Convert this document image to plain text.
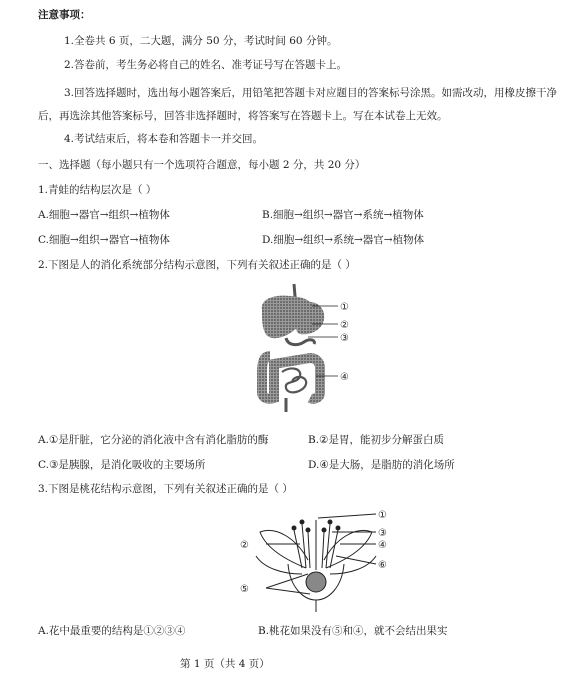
注意事项：
1.全卷共 6 页，二大题，满分 50 分，考试时间 60 分钟。
2.答卷前，考生务必将自己的姓名、准考证号写在答题卡上。
3.回答选择题时，选出每小题答案后，用铅笔把答题卡对应题目的答案标号涂黑。如需改动，用橡皮擦干净后，再选涂其他答案标号，回答非选择题时，将答案写在答题卡上。写在本试卷上无效。
4.考试结束后，将本卷和答题卡一并交回。
一、选择题（每小题只有一个选项符合题意，每小题 2 分，共 20 分）
1.青蛙的结构层次是（ ）
A.细胞→器官→组织→植物体	B.细胞→组织→器官→系统→植物体
C.细胞→组织→器官→植物体	D.细胞→组织→系统→器官→植物体
2.下图是人的消化系统部分结构示意图，下列有关叙述正确的是（ ）
①
②
③
④
A.①是肝脏，它分泌的消化液中含有消化脂肪的酶	B.②是胃，能初步分解蛋白质
C.③是胰腺，是消化吸收的主要场所	D.④是大肠，是脂肪的消化场所
3.下图是桃花结构示意图，下列有关叙述正确的是（ ）
①
②
③
④
⑤
⑥
A.花中最重要的结构是①②③④	B.桃花如果没有⑤和④，就不会结出果实
第 1 页（共 4 页）
